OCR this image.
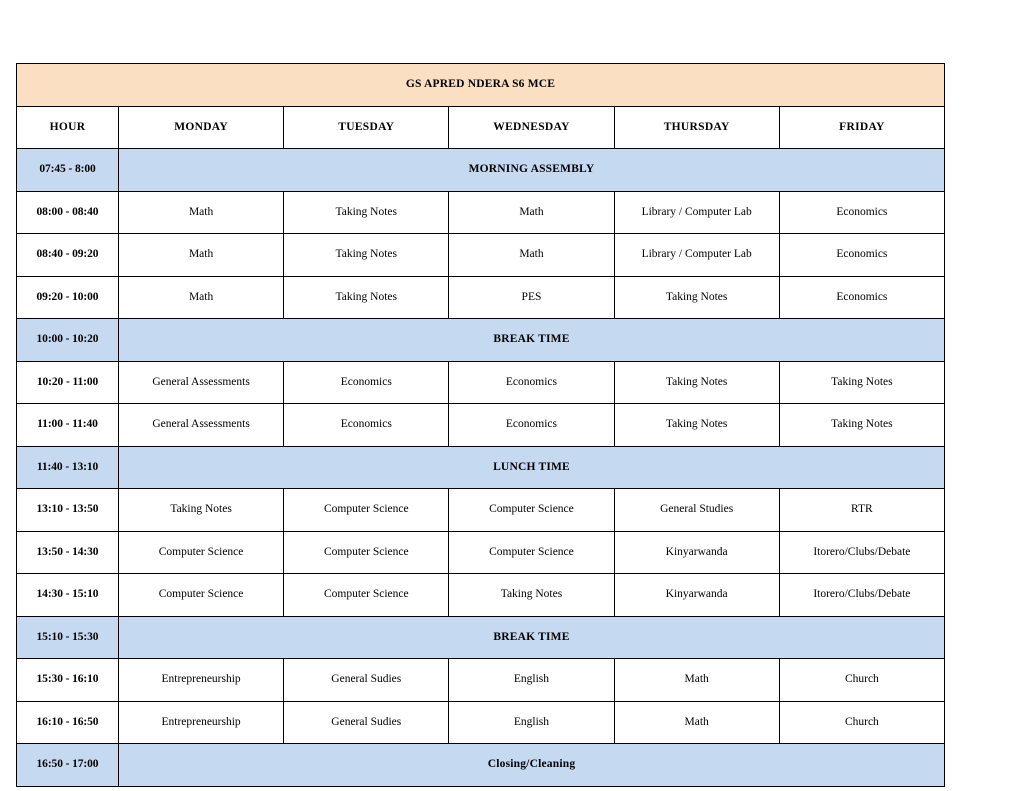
GS APRED NDERA S6 MCE					
HOUR	MONDAY	TUESDAY	WEDNESDAY	THURSDAY	FRIDAY
07:45 - 8:00	MORNING ASSEMBLY				
08:00 - 08:40	Math	Taking Notes	Math	Library / Computer Lab	Economics
08:40 - 09:20	Math	Taking Notes	Math	Library / Computer Lab	Economics
09:20 - 10:00	Math	Taking Notes	PES	Taking Notes	Economics
10:00 - 10:20	BREAK TIME				
10:20 - 11:00	General Assessments	Economics	Economics	Taking Notes	Taking Notes
11:00 - 11:40	General Assessments	Economics	Economics	Taking Notes	Taking Notes
11:40 - 13:10	LUNCH TIME				
13:10 - 13:50	Taking Notes	Computer Science	Computer Science	General Studies	RTR
13:50 - 14:30	Computer Science	Computer Science	Computer Science	Kinyarwanda	Itorero/Clubs/Debate
14:30 - 15:10	Computer Science	Computer Science	Taking Notes	Kinyarwanda	Itorero/Clubs/Debate
15:10 - 15:30	BREAK TIME				
15:30 - 16:10	Entrepreneurship	General Sudies	English	Math	Church
16:10 - 16:50	Entrepreneurship	General Sudies	English	Math	Church
16:50 - 17:00	Closing/Cleaning				
